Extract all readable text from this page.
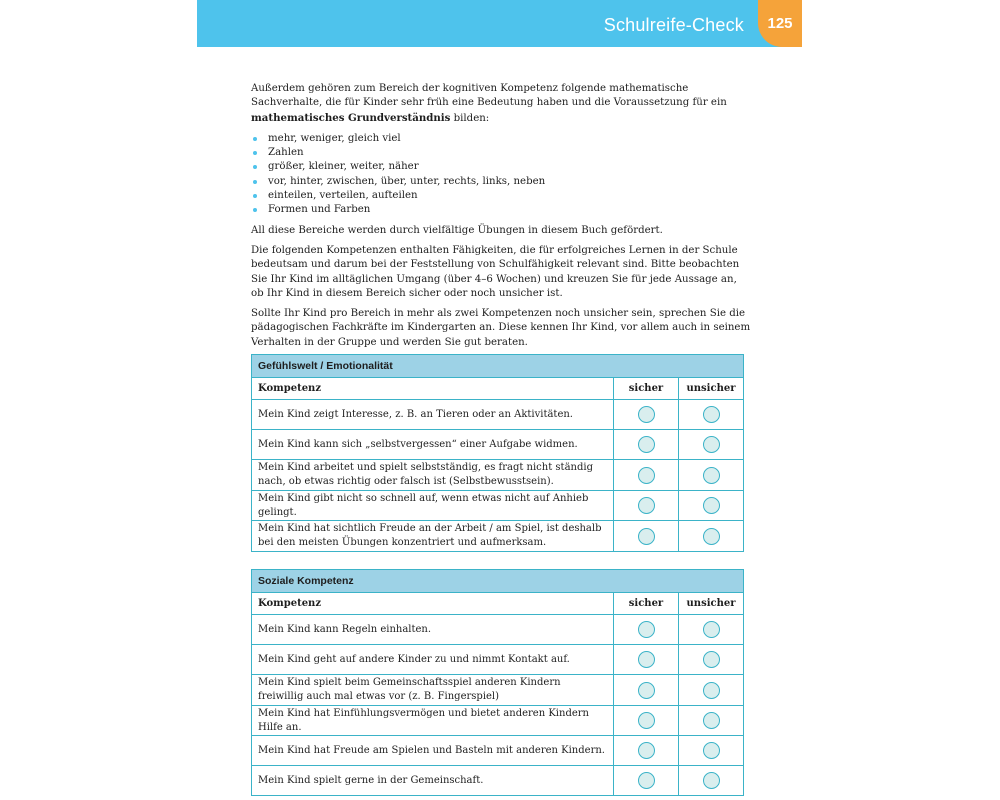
Schulreife-Check	125

Außerdem gehören zum Bereich der kognitiven Kompetenz folgende mathematische Sachverhalte, die für Kinder sehr früh eine Bedeutung haben und die Voraussetzung für ein mathematisches Grundverständnis bilden:

mehr, weniger, gleich viel
Zahlen
größer, kleiner, weiter, näher
vor, hinter, zwischen, über, unter, rechts, links, neben
einteilen, verteilen, aufteilen
Formen und Farben

All diese Bereiche werden durch vielfältige Übungen in diesem Buch gefördert.

Die folgenden Kompetenzen enthalten Fähigkeiten, die für erfolgreiches Lernen in der Schule bedeutsam und darum bei der Feststellung von Schulfähigkeit relevant sind. Bitte beobachten Sie Ihr Kind im alltäglichen Umgang (über 4–6 Wochen) und kreuzen Sie für jede Aussage an, ob Ihr Kind in diesem Bereich sicher oder noch unsicher ist.

Sollte Ihr Kind pro Bereich in mehr als zwei Kompetenzen noch unsicher sein, sprechen Sie die pädagogischen Fachkräfte im Kindergarten an. Diese kennen Ihr Kind, vor allem auch in seinem Verhalten in der Gruppe und werden Sie gut beraten.

Gefühlswelt / Emotionalität		
Kompetenz	sicher	unsicher
Mein Kind zeigt Interesse, z. B. an Tieren oder an Aktivitäten.		
Mein Kind kann sich „selbstvergessen“ einer Aufgabe widmen.		
Mein Kind arbeitet und spielt selbstständig, es fragt nicht ständig nach, ob etwas richtig oder falsch ist (Selbstbewusstsein).		
Mein Kind gibt nicht so schnell auf, wenn etwas nicht auf Anhieb gelingt.		
Mein Kind hat sichtlich Freude an der Arbeit / am Spiel, ist deshalb bei den meisten Übungen konzentriert und aufmerksam.		
Soziale Kompetenz		
Kompetenz	sicher	unsicher
Mein Kind kann Regeln einhalten.		
Mein Kind geht auf andere Kinder zu und nimmt Kontakt auf.		
Mein Kind spielt beim Gemeinschaftsspiel anderen Kindern freiwillig auch mal etwas vor (z. B. Fingerspiel)		
Mein Kind hat Einfühlungsvermögen und bietet anderen Kindern Hilfe an.		
Mein Kind hat Freude am Spielen und Basteln mit anderen Kindern.		
Mein Kind spielt gerne in der Gemeinschaft.		
